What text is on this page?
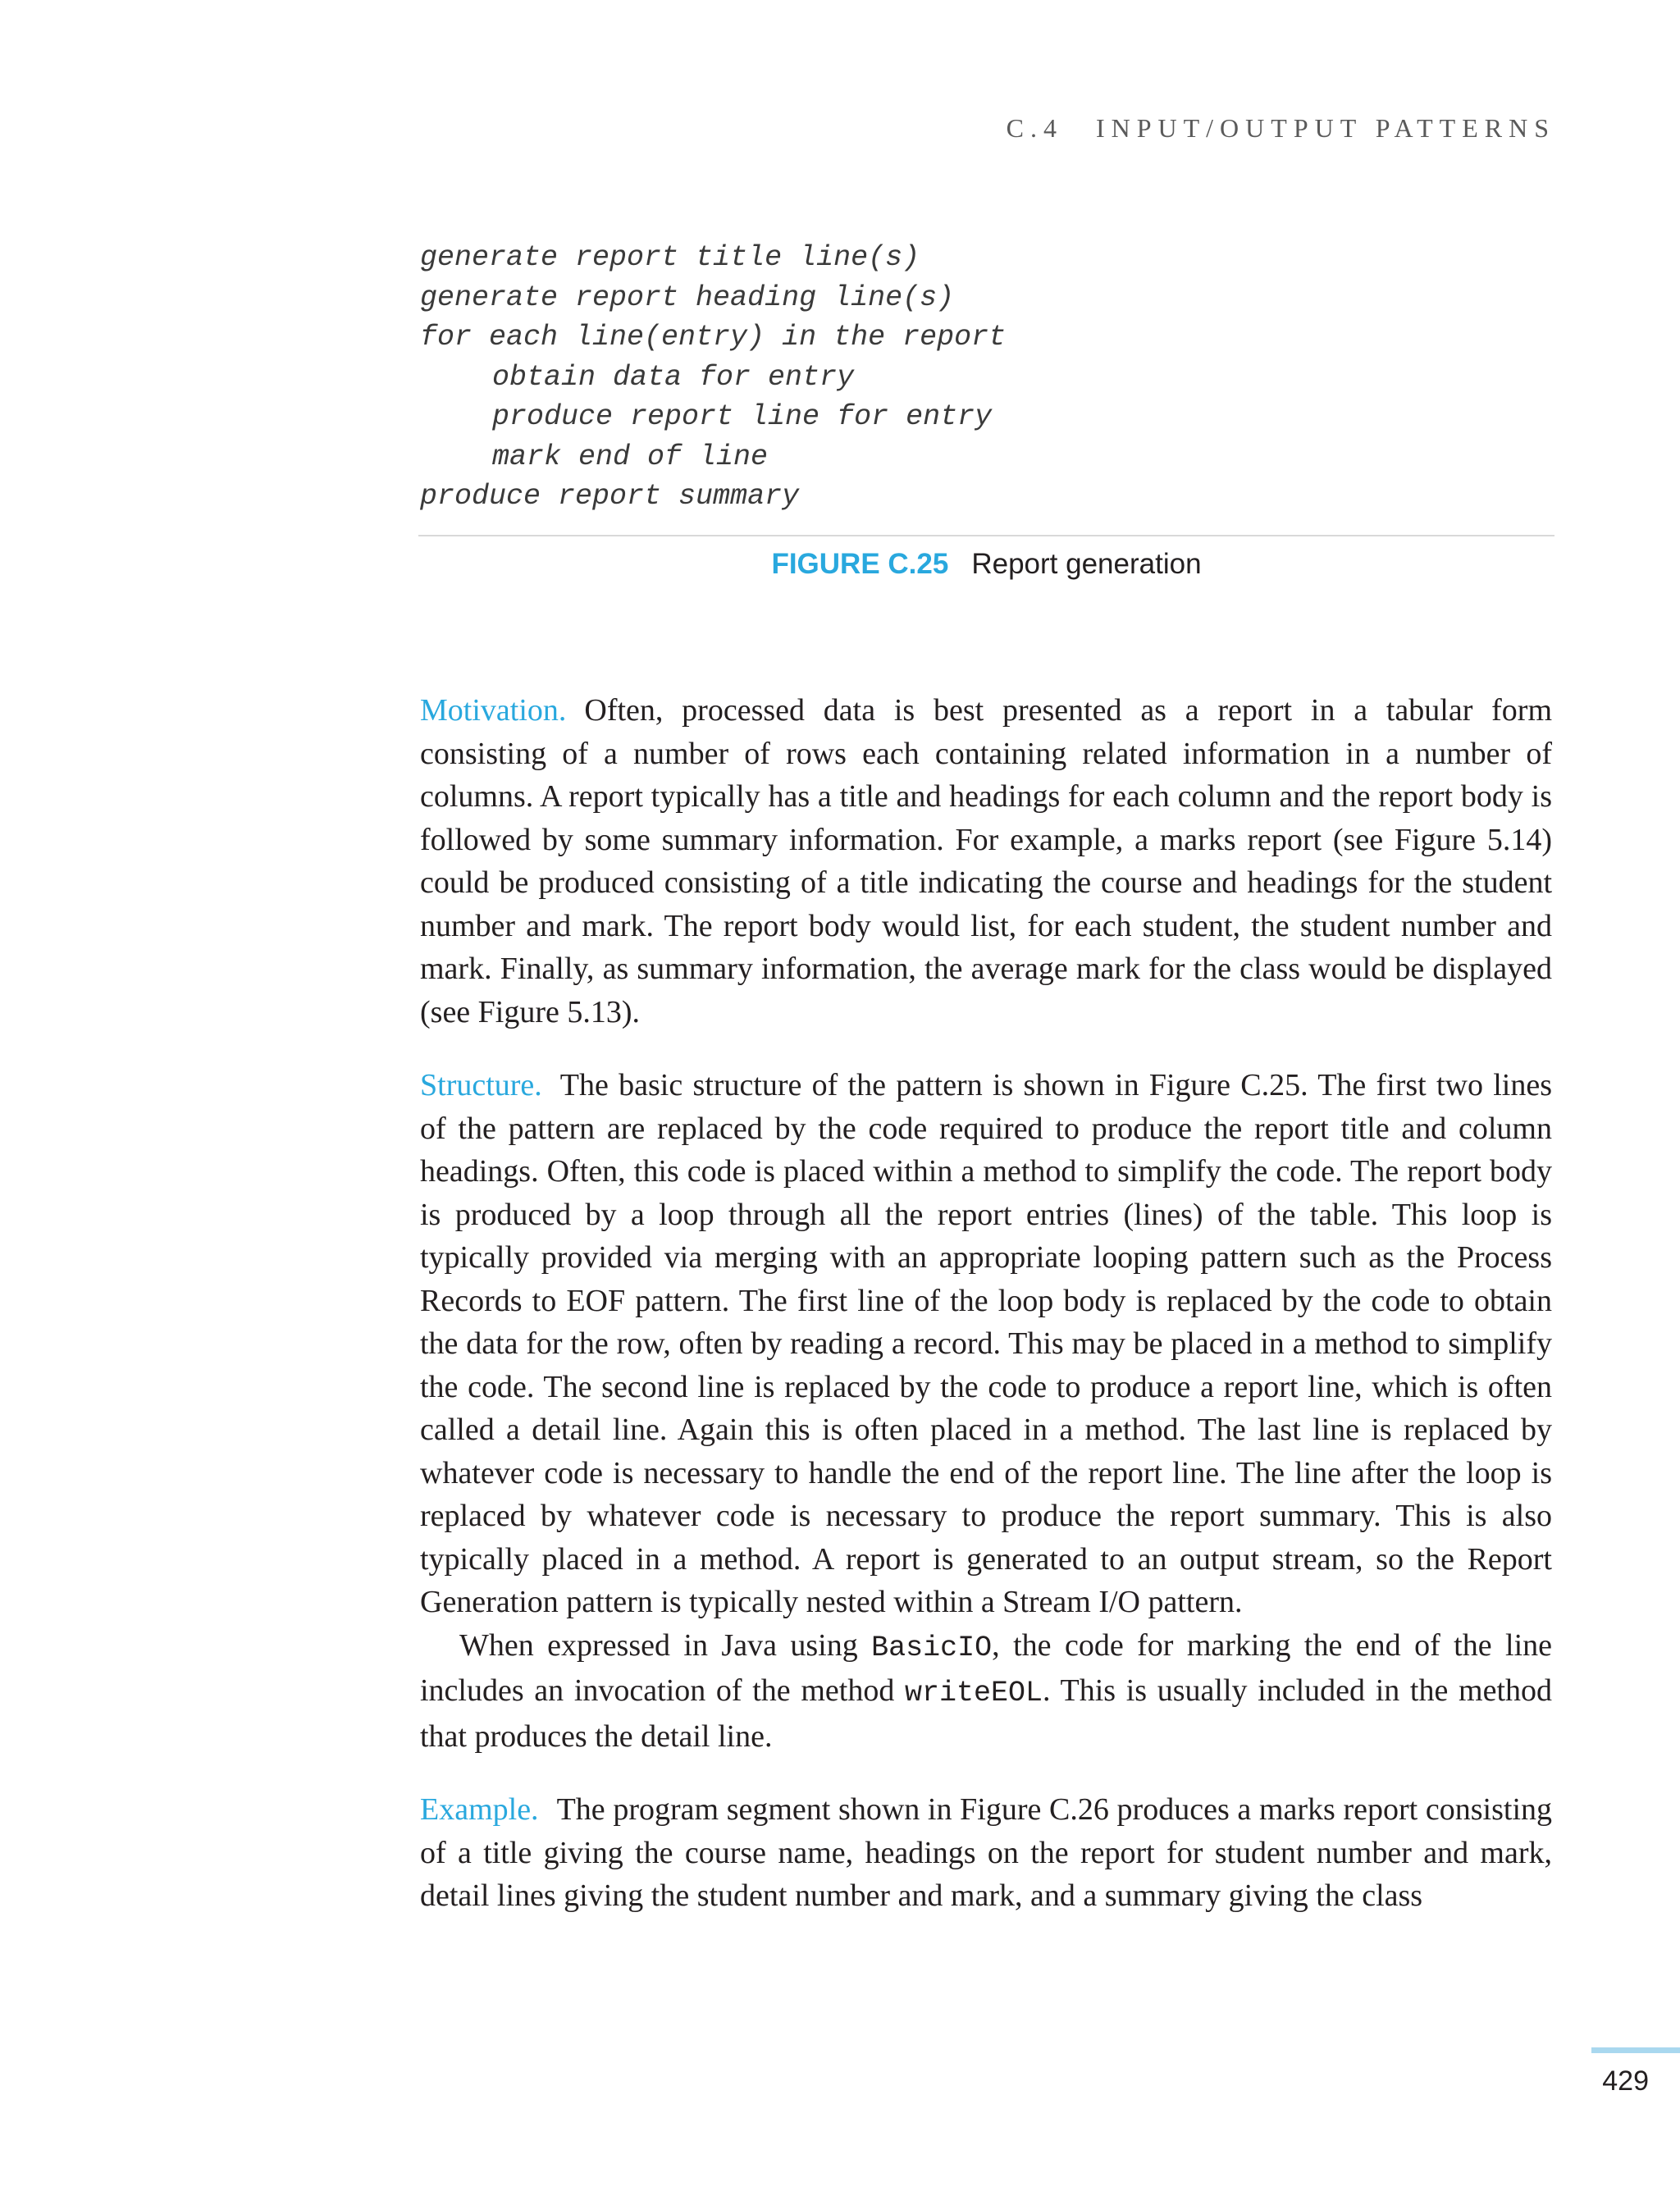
C.4 INPUT/OUTPUT PATTERNS
generate report title line(s)
generate report heading line(s)
for each line(entry) in the report
obtain data for entry
produce report line for entry
mark end of line
produce report summary
FIGURE C.25 Report generation

Motivation. Often, processed data is best presented as a report in a tabular form consisting of a number of rows each containing related information in a number of columns. A report typically has a title and headings for each column and the report body is followed by some summary information. For example, a marks report (see Figure 5.14) could be produced consisting of a title indicating the course and headings for the student number and mark. The report body would list, for each student, the student number and mark. Finally, as summary information, the average mark for the class would be displayed (see Figure 5.13).

Structure. The basic structure of the pattern is shown in Figure C.25. The first two lines of the pattern are replaced by the code required to produce the report title and column headings. Often, this code is placed within a method to simplify the code. The report body is produced by a loop through all the report entries (lines) of the table. This loop is typically provided via merging with an appropriate looping pattern such as the Process Records to EOF pattern. The first line of the loop body is replaced by the code to obtain the data for the row, often by reading a record. This may be placed in a method to simplify the code. The second line is replaced by the code to produce a report line, which is often called a detail line. Again this is often placed in a method. The last line is replaced by whatever code is necessary to handle the end of the report line. The line after the loop is replaced by whatever code is necessary to produce the report summary. This is also typically placed in a method. A report is generated to an output stream, so the Report Generation pattern is typically nested within a Stream I/O pattern.

When expressed in Java using BasicIO, the code for marking the end of the line includes an invocation of the method writeEOL. This is usually included in the method that produces the detail line.

Example. The program segment shown in Figure C.26 produces a marks report consisting of a title giving the course name, headings on the report for student number and mark, detail lines giving the student number and mark, and a summary giving the class

429
